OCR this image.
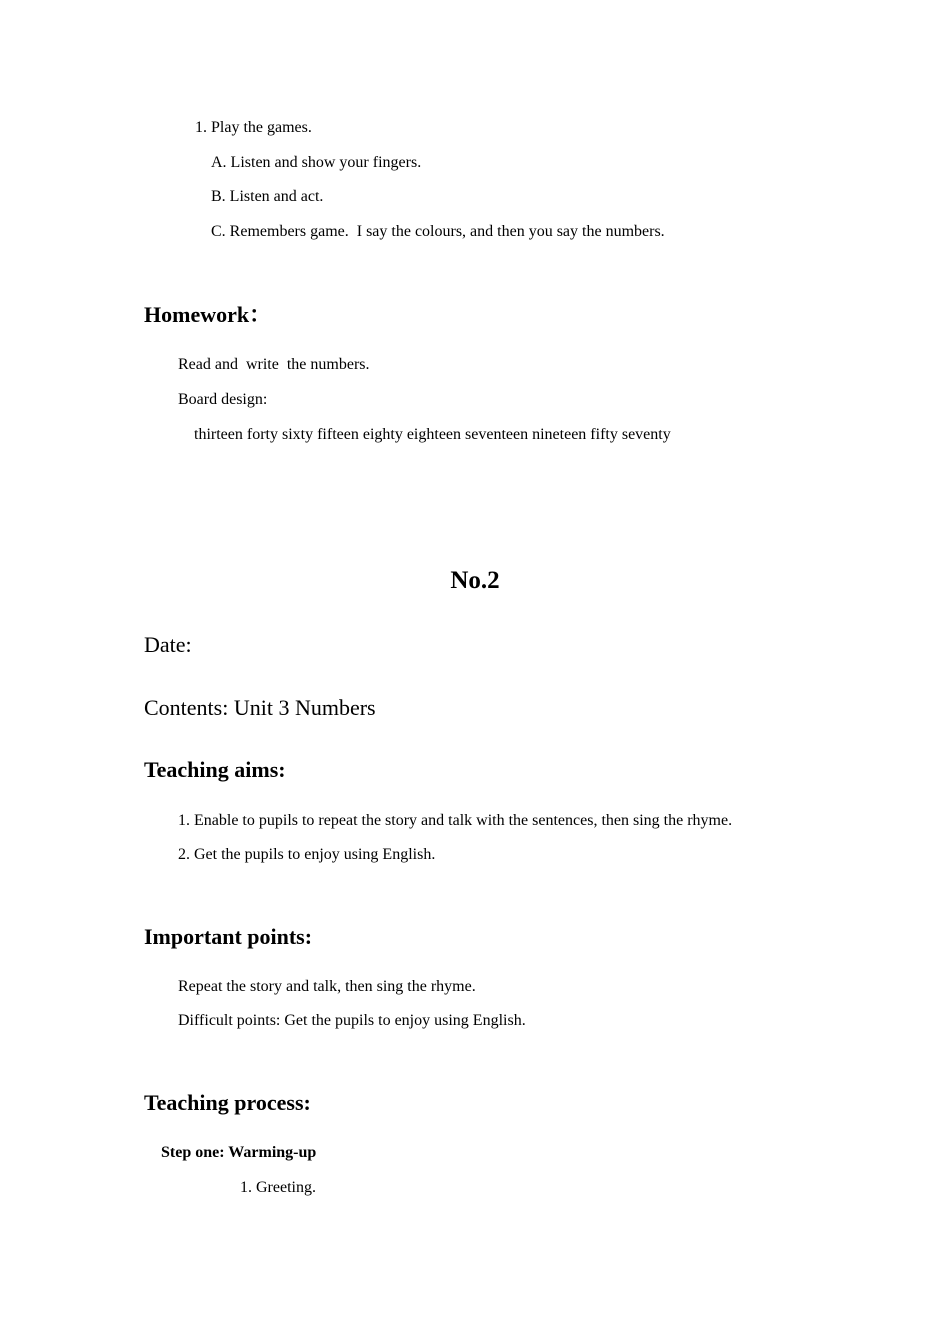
1. Play the games.
A. Listen and show your fingers.
B. Listen and act.
C. Remembers game.  I say the colours, and then you say the numbers.
Homework：
Read and  write  the numbers.
Board design:
thirteen forty sixty fifteen eighty eighteen seventeen nineteen fifty seventy
No.2
Date:
Contents: Unit 3 Numbers
Teaching aims:
1. Enable to pupils to repeat the story and talk with the sentences, then sing the rhyme.
2. Get the pupils to enjoy using English.
Important points:
Repeat the story and talk, then sing the rhyme.
Difficult points: Get the pupils to enjoy using English.
Teaching process:
Step one: Warming-up
1. Greeting.
